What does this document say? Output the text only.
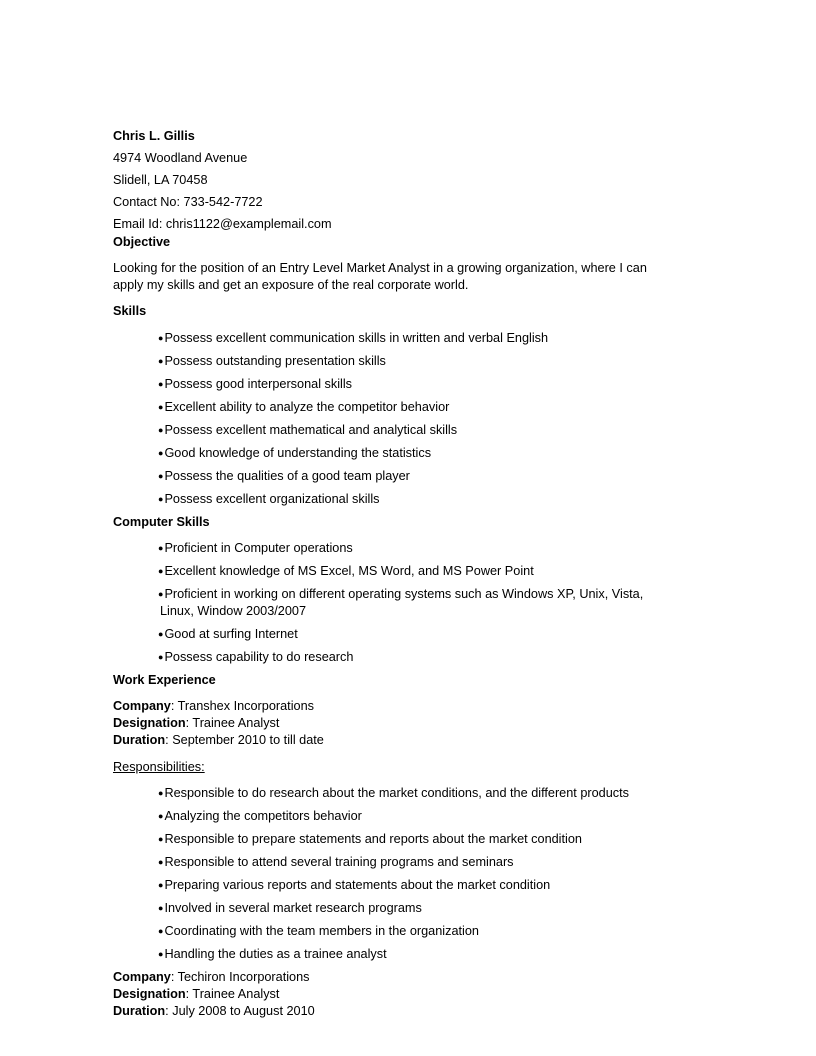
Chris L. Gillis
4974 Woodland Avenue
Slidell, LA 70458
Contact No: 733-542-7722
Email Id: chris1122@examplemail.com
Objective
Looking for the position of an Entry Level Market Analyst in a growing organization, where I can
apply my skills and get an exposure of the real corporate world.
Skills
●Possess excellent communication skills in written and verbal English
●Possess outstanding presentation skills
●Possess good interpersonal skills
●Excellent ability to analyze the competitor behavior
●Possess excellent mathematical and analytical skills
●Good knowledge of understanding the statistics
●Possess the qualities of a good team player
●Possess excellent organizational skills
Computer Skills
●Proficient in Computer operations
●Excellent knowledge of MS Excel, MS Word, and MS Power Point
●Proficient in working on different operating systems such as Windows XP, Unix, Vista,
Linux, Window 2003/2007
●Good at surfing Internet
●Possess capability to do research
Work Experience
Company: Transhex Incorporations
Designation: Trainee Analyst
Duration: September 2010 to till date
Responsibilities:
●Responsible to do research about the market conditions, and the different products
●Analyzing the competitors behavior
●Responsible to prepare statements and reports about the market condition
●Responsible to attend several training programs and seminars
●Preparing various reports and statements about the market condition
●Involved in several market research programs
●Coordinating with the team members in the organization
●Handling the duties as a trainee analyst
Company: Techiron Incorporations
Designation: Trainee Analyst
Duration: July 2008 to August 2010
